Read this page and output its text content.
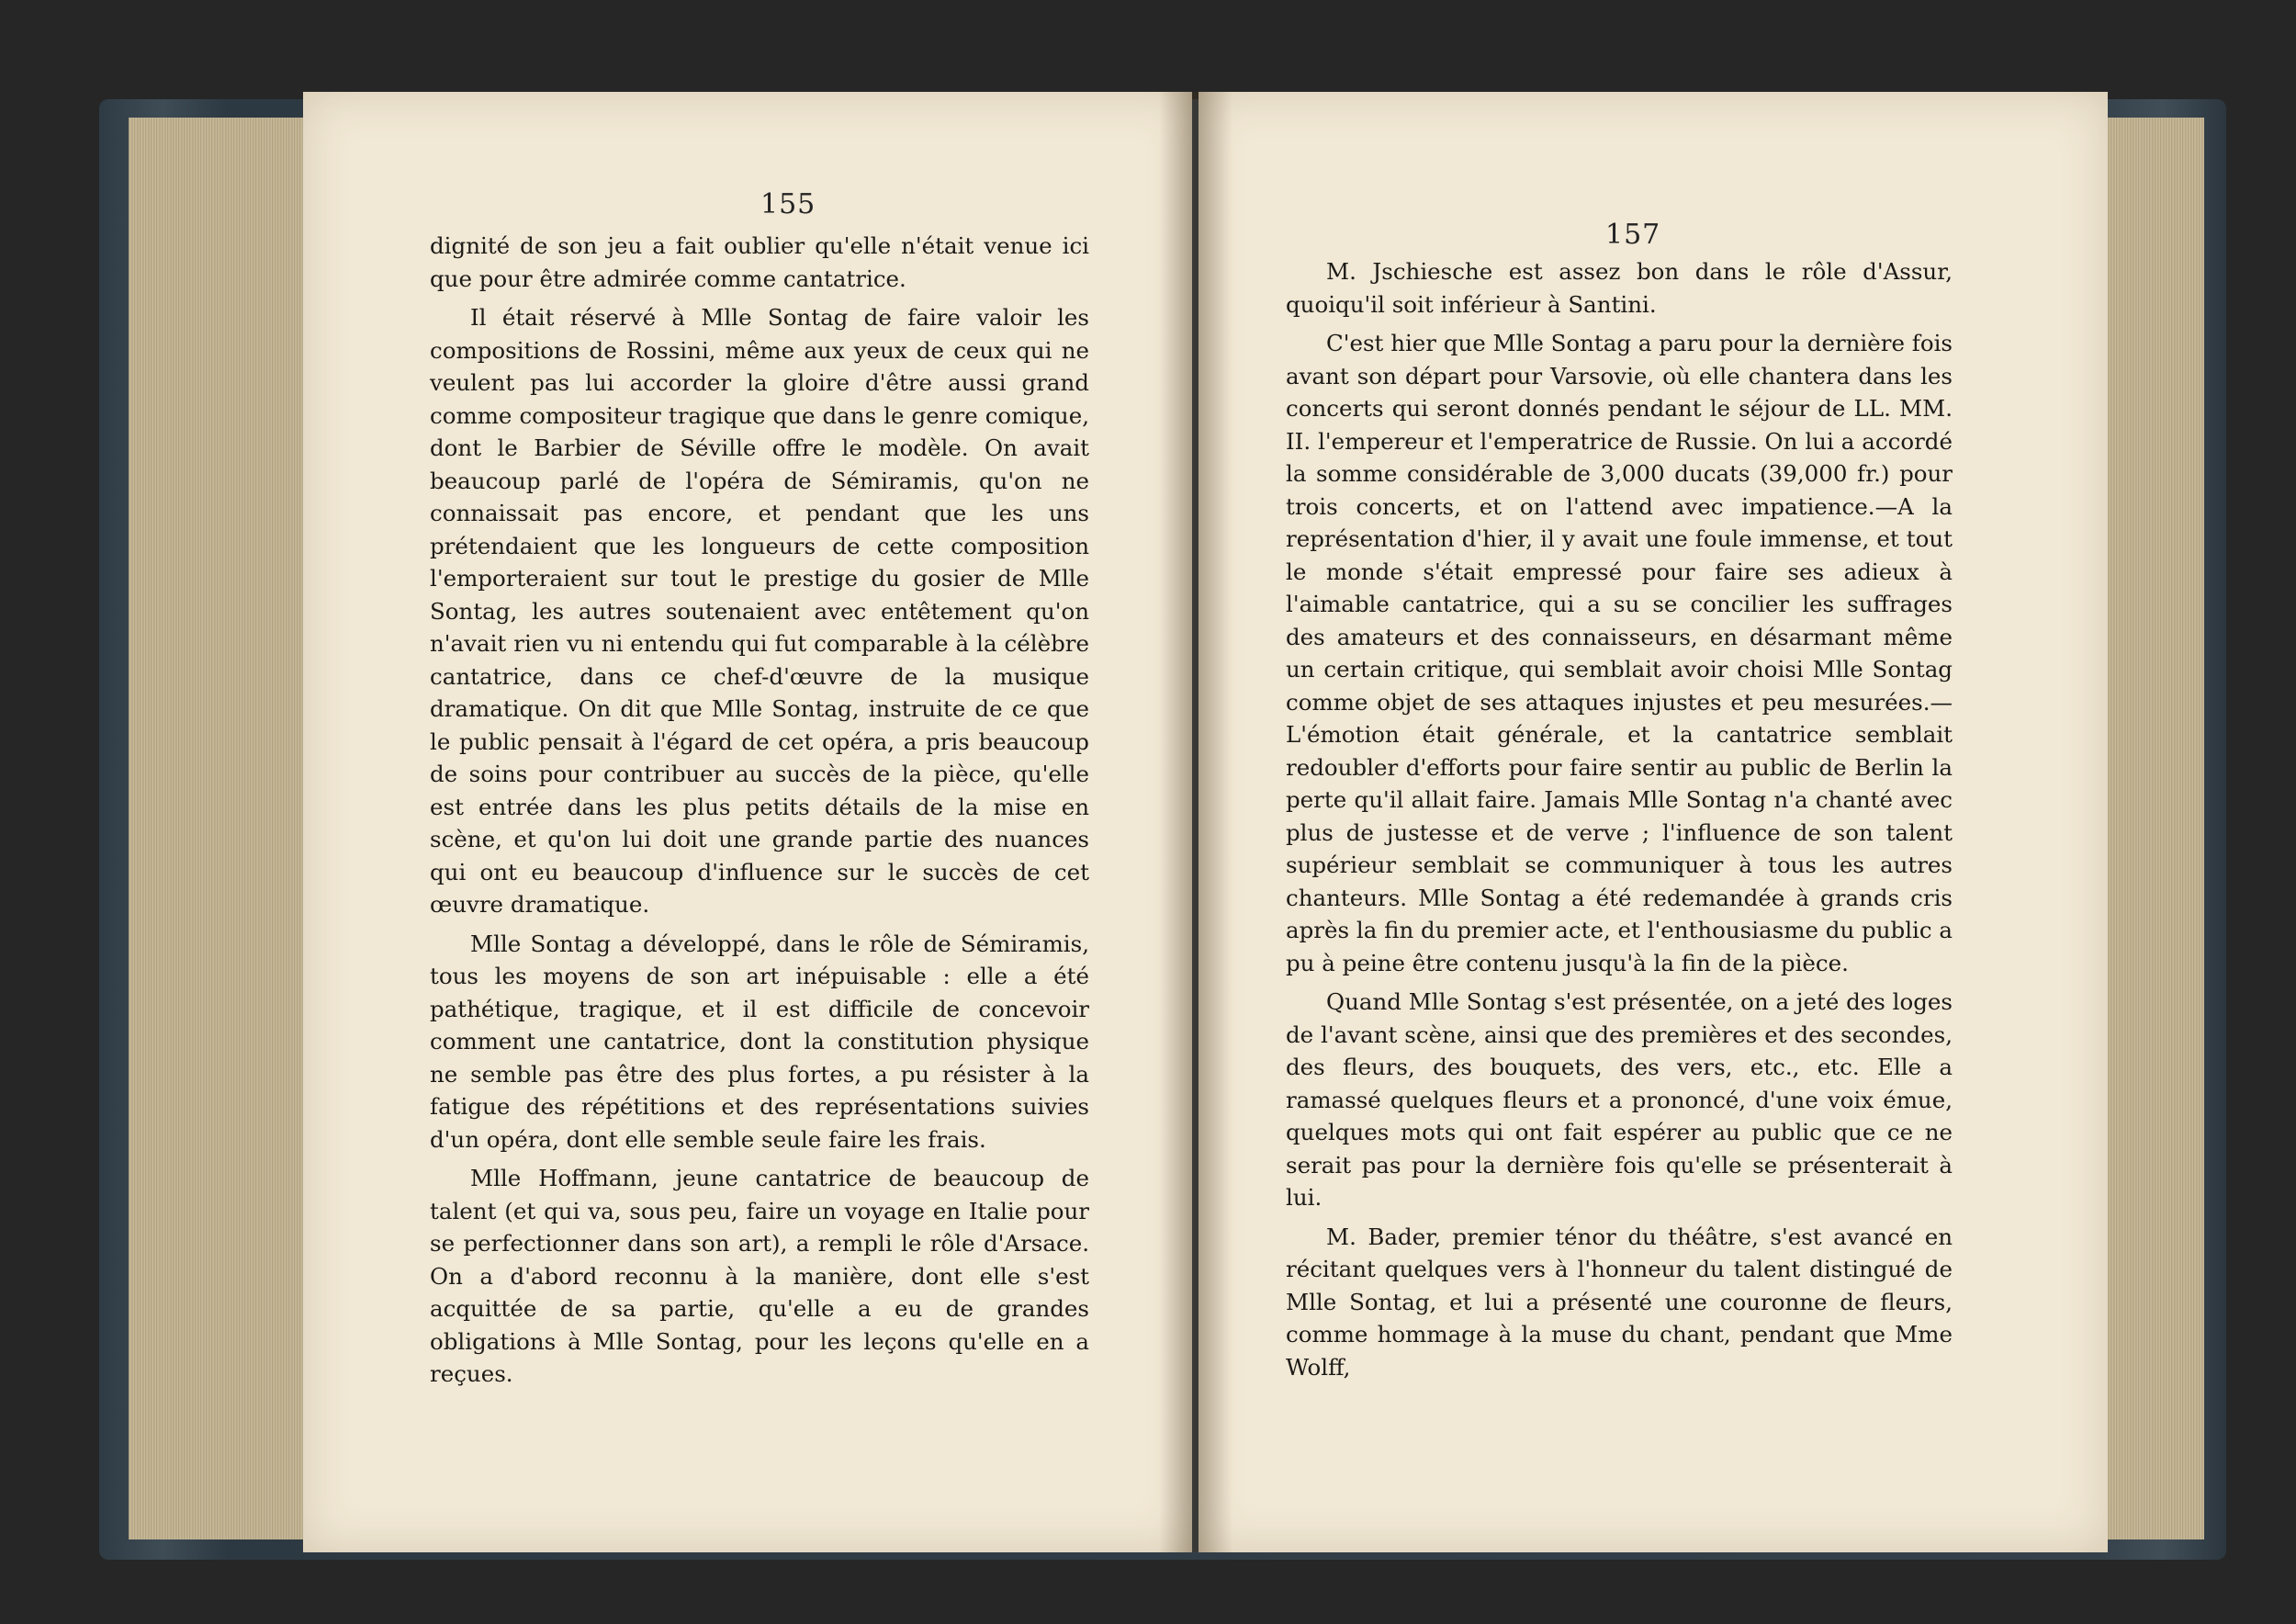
155
157

dignité de son jeu a fait oublier qu'elle n'était venue ici que pour être admirée comme cantatrice.

Il était réservé à Mlle Sontag de faire valoir les compositions de Rossini, même aux yeux de ceux qui ne veulent pas lui accorder la gloire d'être aussi grand comme compositeur tragique que dans le genre comique, dont le Barbier de Séville offre le modèle. On avait beaucoup parlé de l'opéra de Sémiramis, qu'on ne connaissait pas encore, et pendant que les uns prétendaient que les longueurs de cette composition l'emporteraient sur tout le prestige du gosier de Mlle Sontag, les autres soutenaient avec entêtement qu'on n'avait rien vu ni entendu qui fut comparable à la célèbre cantatrice, dans ce chef-d'œuvre de la musique dramatique. On dit que Mlle Sontag, instruite de ce que le public pensait à l'égard de cet opéra, a pris beaucoup de soins pour contribuer au succès de la pièce, qu'elle est entrée dans les plus petits détails de la mise en scène, et qu'on lui doit une grande partie des nuances qui ont eu beaucoup d'influence sur le succès de cet œuvre dramatique.

Mlle Sontag a développé, dans le rôle de Sémiramis, tous les moyens de son art inépuisable : elle a été pathétique, tragique, et il est difficile de concevoir comment une cantatrice, dont la constitution physique ne semble pas être des plus fortes, a pu résister à la fatigue des répétitions et des représentations suivies d'un opéra, dont elle semble seule faire les frais.

Mlle Hoffmann, jeune cantatrice de beaucoup de talent (et qui va, sous peu, faire un voyage en Italie pour se perfectionner dans son art), a rempli le rôle d'Arsace. On a d'abord reconnu à la manière, dont elle s'est acquittée de sa partie, qu'elle a eu de grandes obligations à Mlle Sontag, pour les leçons qu'elle en a reçues.

M. Jschiesche est assez bon dans le rôle d'Assur, quoiqu'il soit inférieur à Santini.

C'est hier que Mlle Sontag a paru pour la dernière fois avant son départ pour Varsovie, où elle chantera dans les concerts qui seront donnés pendant le séjour de LL. MM. II. l'empereur et l'emperatrice de Russie. On lui a accordé la somme considérable de 3,000 ducats (39,000 fr.) pour trois concerts, et on l'attend avec impatience.—A la représentation d'hier, il y avait une foule immense, et tout le monde s'était empressé pour faire ses adieux à l'aimable cantatrice, qui a su se concilier les suffrages des amateurs et des connaisseurs, en désarmant même un certain critique, qui semblait avoir choisi Mlle Sontag comme objet de ses attaques injustes et peu mesurées.—L'émotion était générale, et la cantatrice semblait redoubler d'efforts pour faire sentir au public de Berlin la perte qu'il allait faire. Jamais Mlle Sontag n'a chanté avec plus de justesse et de verve ; l'influence de son talent supérieur semblait se communiquer à tous les autres chanteurs. Mlle Sontag a été redemandée à grands cris après la fin du premier acte, et l'enthousiasme du public a pu à peine être contenu jusqu'à la fin de la pièce.

Quand Mlle Sontag s'est présentée, on a jeté des loges de l'avant scène, ainsi que des premières et des secondes, des fleurs, des bouquets, des vers, etc., etc. Elle a ramassé quelques fleurs et a prononcé, d'une voix émue, quelques mots qui ont fait espérer au public que ce ne serait pas pour la dernière fois qu'elle se présenterait à lui.

M. Bader, premier ténor du théâtre, s'est avancé en récitant quelques vers à l'honneur du talent distingué de Mlle Sontag, et lui a présenté une couronne de fleurs, comme hommage à la muse du chant, pendant que Mme Wolff,
